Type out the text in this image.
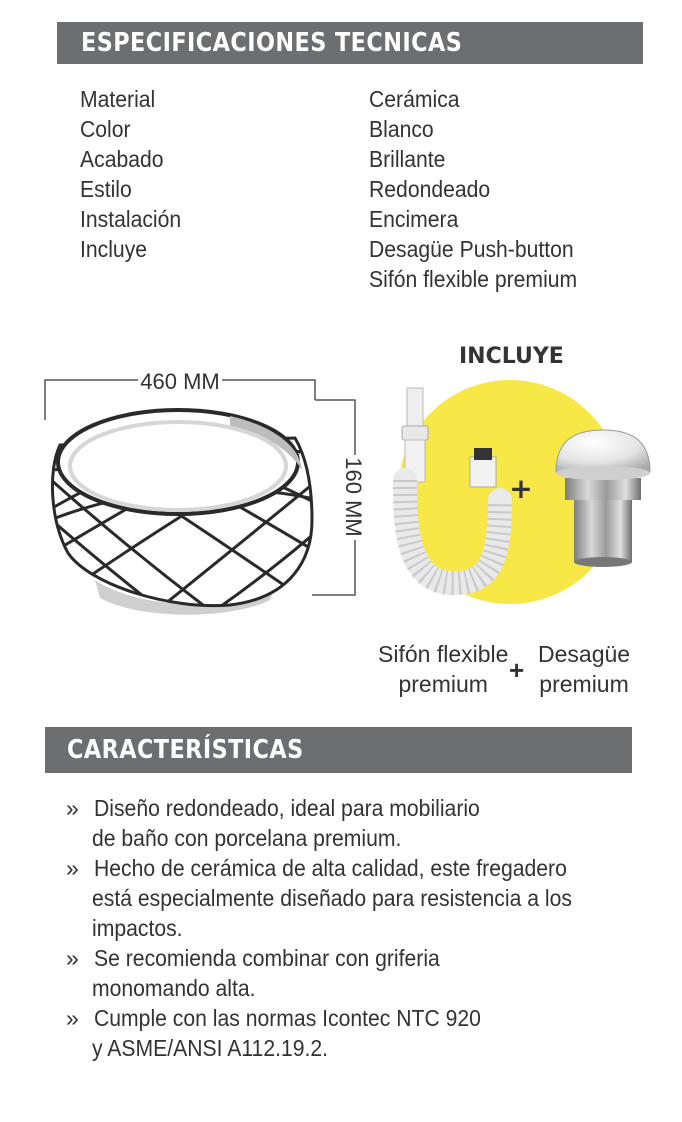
ESPECIFICACIONES TECNICAS
Material
Color
Acabado
Estilo
Instalación
Incluye
Cerámica
Blanco
Brillante
Redondeado
Encimera
Desagüe Push-button
Sifón flexible premium
460 MM
160 MM	+
INCLUYE
Sifón flexible
premium +
Desagüe
premium
CARACTERÍSTICAS
» Diseño redondeado, ideal para mobiliario
de baño con porcelana premium.
» Hecho de cerámica de alta calidad, este fregadero
está especialmente diseñado para resistencia a los
impactos.
» Se recomienda combinar con griferia
monomando alta.
» Cumple con las normas Icontec NTC 920
y ASME/ANSI A112.19.2.
